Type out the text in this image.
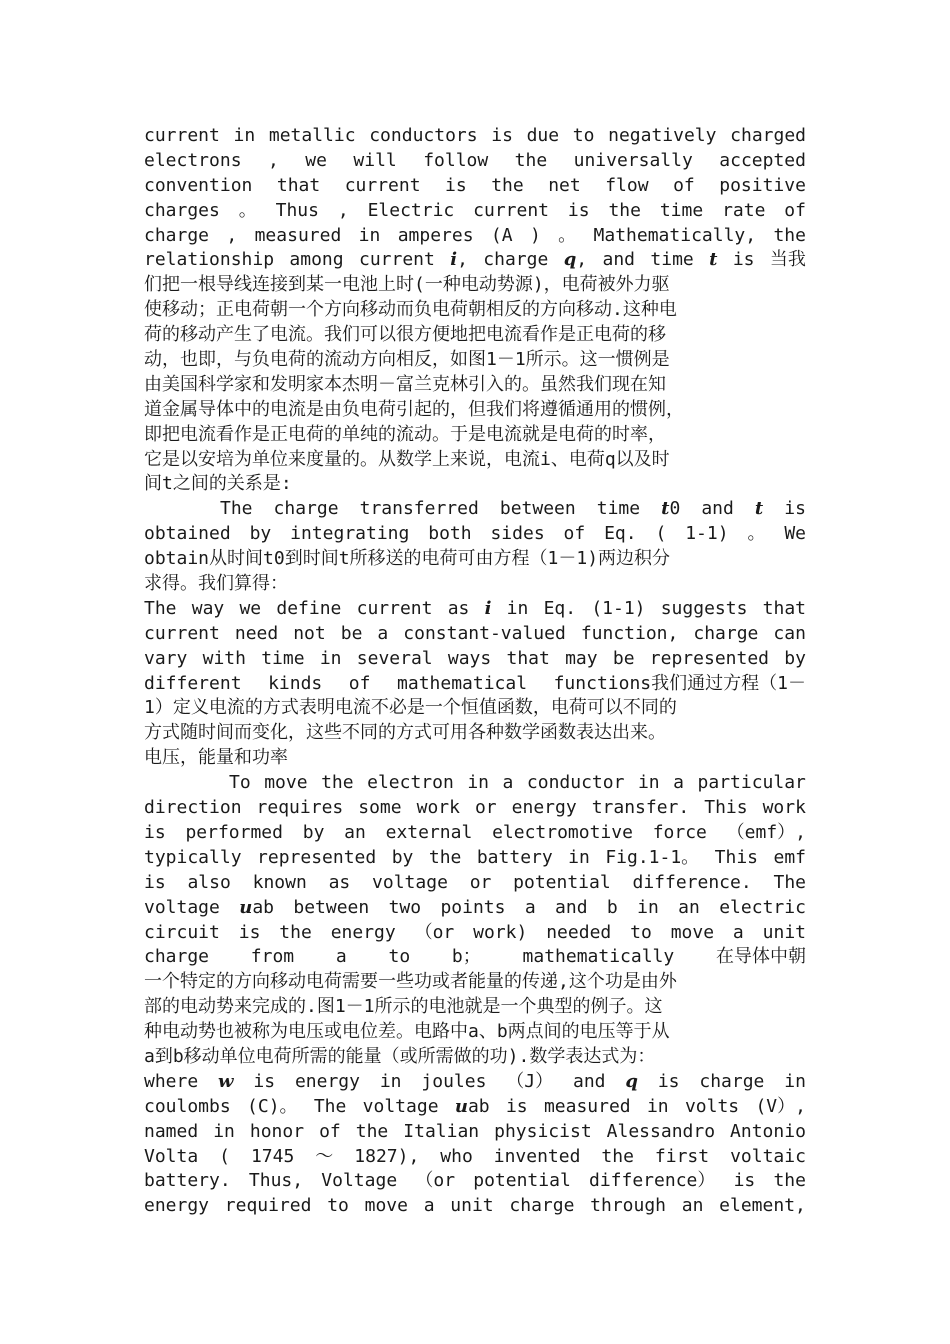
current in metallic conductors is due to negatively charged
electrons , we will follow the universally accepted
convention that current is the net flow of positive
charges 。 Thus , Electric current is the time rate of
charge , measured in amperes (A ) 。 Mathematically, the
relationship among current i, charge q, and time t is 当我
们把一根导线连接到某一电池上时(一种电动势源)，电荷被外力驱
使移动；正电荷朝一个方向移动而负电荷朝相反的方向移动.这种电
荷的移动产生了电流。我们可以很方便地把电流看作是正电荷的移
动，也即，与负电荷的流动方向相反，如图1－1所示。这一惯例是
由美国科学家和发明家本杰明－富兰克林引入的。虽然我们现在知
道金属导体中的电流是由负电荷引起的，但我们将遵循通用的惯例，
即把电流看作是正电荷的单纯的流动。于是电流就是电荷的时率，
它是以安培为单位来度量的。从数学上来说，电流i、电荷q以及时
间t之间的关系是:
The charge transferred between time t0 and t is
obtained by integrating both sides of Eq. ( 1-1) 。 We
obtain从时间t0到时间t所移送的电荷可由方程（1－1)两边积分
求得。我们算得：
The way we define current as i in Eq. (1-1) suggests that
current need not be a constant-valued function, charge can
vary with time in several ways that may be represented by
different kinds of mathematical functions我们通过方程（1－
1）定义电流的方式表明电流不必是一个恒值函数，电荷可以不同的
方式随时间而变化，这些不同的方式可用各种数学函数表达出来。
电压，能量和功率
To move the electron in a conductor in a particular
direction requires some work or energy transfer. This work
is performed by an external electromotive force （emf）,
typically represented by the battery in Fig.1-1。 This emf
is also known as voltage or potential difference. The
voltage uab between two points a and b in an electric
circuit is the energy （or work) needed to move a unit
charge from a to b； mathematically 在导体中朝
一个特定的方向移动电荷需要一些功或者能量的传递,这个功是由外
部的电动势来完成的.图1－1所示的电池就是一个典型的例子。这
种电动势也被称为电压或电位差。电路中a、b两点间的电压等于从
a到b移动单位电荷所需的能量（或所需做的功).数学表达式为：
where w is energy in joules （J） and q is charge in
coulombs (C)。 The voltage uab is measured in volts (V）,
named in honor of the Italian physicist Alessandro Antonio
Volta ( 1745 ～ 1827), who invented the first voltaic
battery. Thus, Voltage （or potential difference） is the
energy required to move a unit charge through an element,
